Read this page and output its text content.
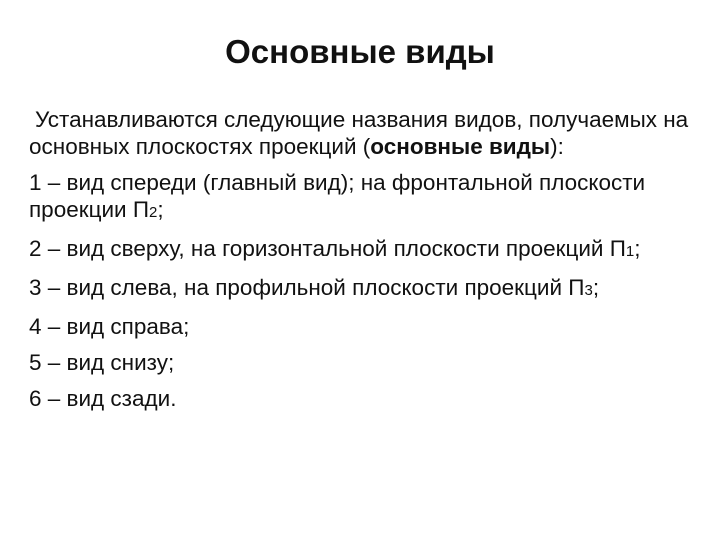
Основные виды

Устанавливаются следующие названия видов, получаемых на основных плоскостях проекций (основные виды):

1 – вид спереди (главный вид); на фронтальной плоскости проекции П2;

2 – вид сверху, на горизонтальной плоскости проекций П1;

3 – вид слева, на профильной плоскости проекций П3;

4 – вид справа;

5 – вид снизу;

6 – вид сзади.
